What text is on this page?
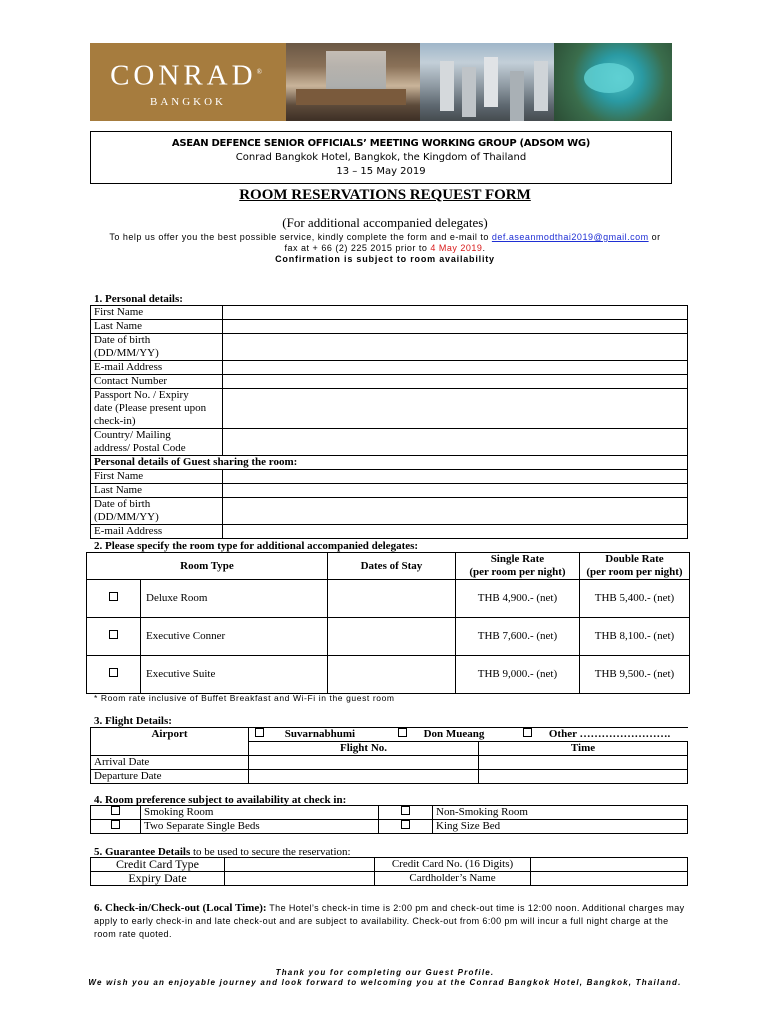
CONRAD®
BANGKOK
ASEAN DEFENCE SENIOR OFFICIALS’ MEETING WORKING GROUP (ADSOM WG)
Conrad Bangkok Hotel, Bangkok, the Kingdom of Thailand
13 – 15 May 2019
ROOM RESERVATIONS REQUEST FORM
(For additional accompanied delegates)
To help us offer you the best possible service, kindly complete the form and e-mail to def.aseanmodthai2019@gmail.com or
fax at + 66 (2) 225 2015 prior to 4 May 2019.
Confirmation is subject to room availability
1. Personal details:
First Name	
Last Name	
Date of birth
(DD/MM/YY)	
E-mail Address	
Contact Number	
Passport No. / Expiry
date (Please present upon
check-in)	
Country/ Mailing
address/ Postal Code	
Personal details of Guest sharing the room:	
First Name	
Last Name	
Date of birth
(DD/MM/YY)	
E-mail Address	
2. Please specify the room type for additional accompanied delegates:
Room Type		Dates of Stay	Single Rate
(per room per night)	Double Rate
(per room per night)
	Deluxe Room		THB 4,900.- (net)	THB 5,400.- (net)
	Executive Conner		THB 7,600.- (net)	THB 8,100.- (net)
	Executive Suite		THB 9,000.- (net)	THB 9,500.- (net)
* Room rate inclusive of Buffet Breakfast and Wi-Fi in the guest room
3. Flight Details:
Airport	Suvarnabhumi Don Mueang Other …………………….	
	Flight No.	Time
Arrival Date		
Departure Date		
4. Room preference subject to availability at check in:
	Smoking Room		Non-Smoking Room
	Two Separate Single Beds		King Size Bed
5. Guarantee Details to be used to secure the reservation:
Credit Card Type		Credit Card No. (16 Digits)	
Expiry Date		Cardholder’s Name	
6. Check-in/Check-out (Local Time): The Hotel’s check-in time is 2:00 pm and check-out time is 12:00 noon. Additional charges may apply to early check-in and late check-out and are subject to availability. Check-out from 6:00 pm will incur a full night charge at the room rate quoted.
Thank you for completing our Guest Profile.
We wish you an enjoyable journey and look forward to welcoming you at the Conrad Bangkok Hotel, Bangkok, Thailand.
